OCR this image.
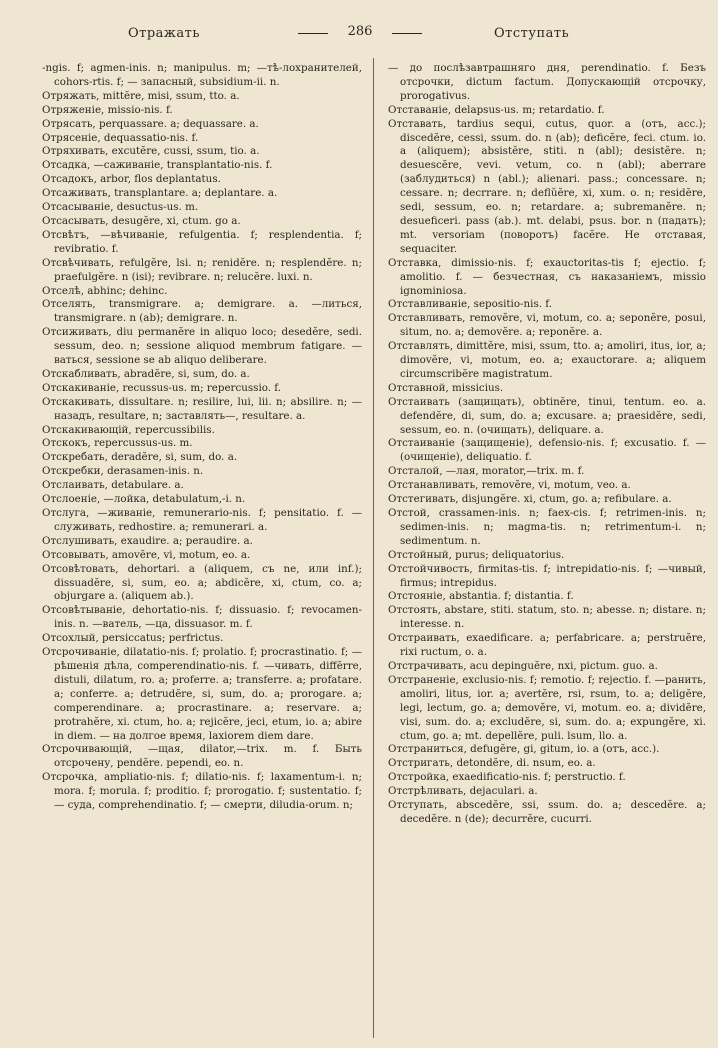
Отражать	286	Отступать

-ngis. f; agmen-inis. n; manipulus. m; —тѣ-лохранителей, cohors-rtis. f; — запасный, subsidium-ii. n.

Отряжать, mittĕre, misi, ssum, tto. a.

Отряженіе, missio-nis. f.

Отрясать, perquassare. a; dequassare. a.

Отрясеніе, dequassatio-nis. f.

Отряхивать, excutĕre, cussi, ssum, tio. a.

Отсадка, —саживаніе, transplantatio-nis. f.

Отсадокъ, arbor, flos deplantatus.

Отсаживать, transplantare. a; deplantare. a.

Отсасываніе, desuctus-us. m.

Отсасывать, desugĕre, xi, ctum. go a.

Отсвѣтъ, —вѣчиваніе, refulgentia. f; resplendentia. f; revibratio. f.

Отсвѣчивать, refulgĕre, lsi. n; renidĕre. n; resplendĕre. n; praefulgĕre. n (isi); revibrare. n; relucĕre. luxi. n.

Отселѣ, abhinc; dehinc.

Отселять, transmigrare. a; demigrare. a. —литься, transmigrare. n (ab); demigrare. n.

Отсиживать, diu permanĕre in aliquo loco; desedĕre, sedi. sessum, deo. n; sessione aliquod membrum fatigare. —ваться, sessione se ab aliquo deliberare.

Отскабливать, abradĕre, si, sum, do. a.

Отскакиваніе, recussus-us. m; repercussio. f.

Отскакивать, dissultare. n; resilire, lui, lii. n; absilire. n; — назадъ, resultare, n; заставлять—, resultare. a.

Отскакивающій, repercussibilis.

Отскокъ, repercussus-us. m.

Отскребать, deradĕre, si, sum, do. a.

Отскребки, derasamen-inis. n.

Отслаивать, detabulare. a.

Отслоеніе, —лойка, detabulatum,-i. n.

Отслуга, —живаніе, remunerario-nis. f; pensitatio. f. —служивать, redhostire. a; remunerari. a.

Отслушивать, exaudire. a; peraudire. a.

Отсовывать, amovĕre, vi, motum, eo. a.

Отсовѣтовать, dehortari. a (aliquem, съ ne, или inf.); dissuadĕre, si, sum, eo. a; abdicĕre, xi, ctum, co. a; objurgare a. (aliquem ab.).

Отсовѣтываніе, dehortatio-nis. f; dissuasio. f; revocamen-inis. n. —ватель, —ца, dissuasor. m. f.

Отсохлый, persiccatus; perfrictus.

Отсрочиваніе, dilatatio-nis. f; prolatio. f; procrastinatio. f; — рѣшенія дѣла, comperendinatio-nis. f. —чивать, diffĕrre, distuli, dilatum, ro. a; proferre. a; transferre. a; profatare. a; conferre. a; detrudĕre, si, sum, do. a; prorogare. a; comperendinare. a; procrastinare. a; reservare. a; protrahĕre, xi. ctum, ho. a; rejicĕre, jeci, etum, io. a; abire in diem. — на долгое время, laxiorem diem dare.

Отсрочивающій, —щая, dilator,—trix. m. f. Быть отсрочену, pendĕre. pependi, eo. n.

Отсрочка, ampliatio-nis. f; dilatio-nis. f; laxamentum-i. n; mora. f; morula. f; proditio. f; prorogatio. f; sustentatio. f; — суда, comprehendinatio. f; — смерти, diludia-orum. n;

— до послѣзавтрашняго дня, perendinatio. f. Безъ отсрочки, dictum factum. Допускающій отсрочку, prorogativus.

Отставаніе, delapsus-us. m; retardatio. f.

Отставать, tardius sequi, cutus, quor. a (отъ, acc.); discedĕre, cessi, ssum. do. n (ab); deficĕre, feci. ctum. io. a (aliquem); absistĕre, stiti. n (abl); desistĕre. n; desuescĕre, vevi. vetum, co. n (abl); aberrare (заблудиться) n (abl.); alienari. pass.; concessare. n; cessare. n; decrrare. n; deflŭĕre, xi, xum. o. n; residĕre, sedi, sessum, eo. n; retardare. a; subremanĕre. n; desueficeri. pass (ab.). mt. delabi, psus. bor. n (падать); mt. versoriam (поворотъ) facĕre. Не отставая, sequaciter.

Отставка, dimissio-nis. f; exauctoritas-tis f; ejectio. f; amolitio. f. — безчестная, съ наказаніемъ, missio ignominiosa.

Отставливаніе, sepositio-nis. f.

Отставливать, removĕre, vi, motum, co. a; seponĕre, posui, situm, no. a; demovĕre. a; reponĕre. a.

Отставлять, dimittĕre, misi, ssum, tto. a; amoliri, itus, ior, a; dimovĕre, vi, motum, eo. a; exauctorare. a; aliquem circumscribĕre magistratum.

Отставной, missicius.

Отстаивать (защищать), obtinĕre, tinui, tentum. eo. a. defendĕre, di, sum, do. a; excusare. a; praesidĕre, sedi, sessum, eo. n. (очищать), deliquare. a.

Отстаиваніе (защищеніе), defensio-nis. f; excusatio. f. — (очищеніе), deliquatio. f.

Отсталой, —лая, morator,—trix. m. f.

Отстанавливать, removĕre, vi, motum, veo. a.

Отстегивать, disjungĕre. xi, ctum, go. a; refibulare. a.

Отстой, crassamen-inis. n; faex-cis. f; retrimen-inis. n; sedimen-inis. n; magma-tis. n; retrimentum-i. n; sedimentum. n.

Отстойный, purus; deliquatorius.

Отстойчивость, firmitas-tis. f; intrepidatio-nis. f; —чивый, firmus; intrepidus.

Отстояніе, abstantia. f; distantia. f.

Отстоять, abstare, stiti. statum, sto. n; abesse. n; distare. n; interesse. n.

Отстраивать, exaedificare. a; perfabricare. a; perstruĕre, rixi ructum, o. a.

Отстрачивать, acu depinguĕre, nxi, pictum. guo. a.

Отстраненіе, exclusio-nis. f; remotio. f; rejectio. f. —ранить, amoliri, litus, ior. a; avertĕre, rsi, rsum, to. a; deligĕre, legi, lectum, go. a; demovĕre, vi, motum. eo. a; dividĕre, visi, sum. do. a; excludĕre, si, sum. do. a; expungĕre, xi. ctum, go. a; mt. depellĕre, puli. lsum, llo. a.

Отстраниться, defugĕre, gi, gitum, io. a (отъ, acc.).

Отстригать, detondĕre, di. nsum, eo. a.

Отстройка, exaedificatio-nis. f; perstructio. f.

Отстрѣливать, dejaculari. a.

Отступать, abscedĕre, ssi, ssum. do. a; descedĕre. a; decedĕre. n (de); decurrĕre, cucurri.
